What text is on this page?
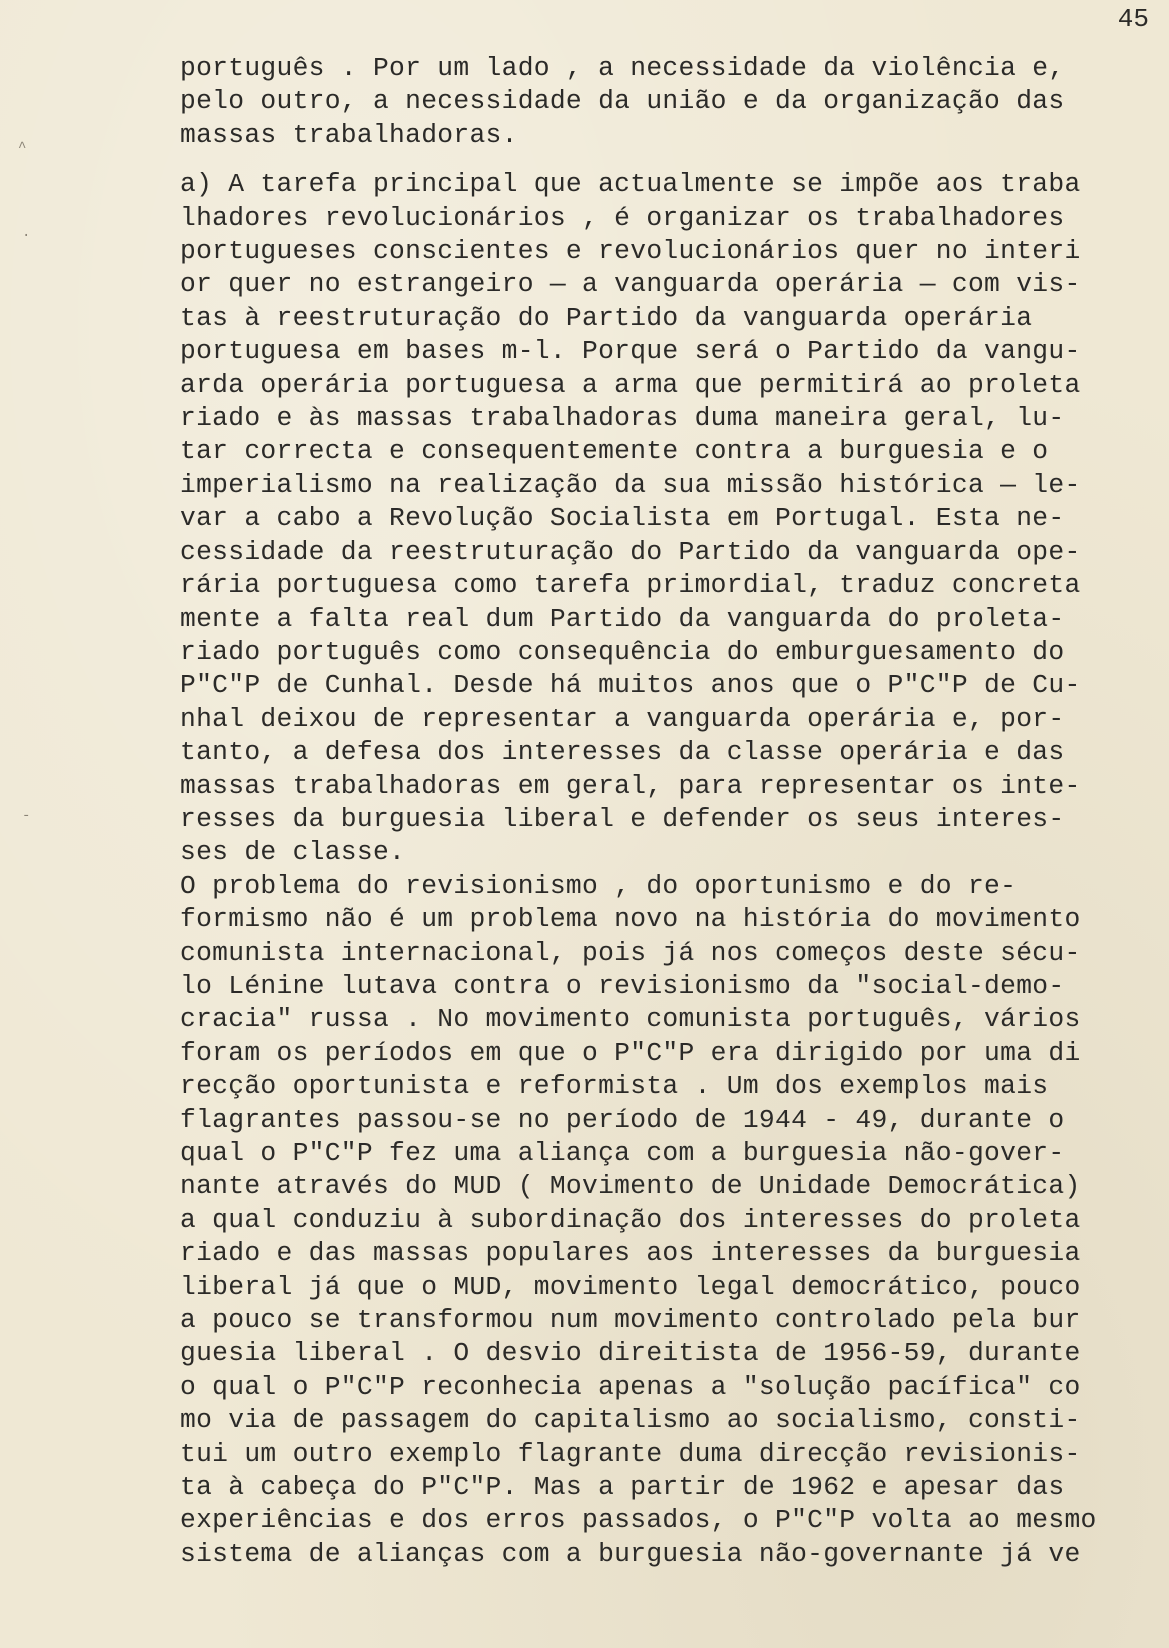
45
^
·
-
português . Por um lado , a necessidade da violência e,
pelo outro, a necessidade da união e da organização das
massas trabalhadoras.
a) A tarefa principal que actualmente se impõe aos traba
lhadores revolucionários , é organizar os trabalhadores
portugueses conscientes e revolucionários quer no interi
or quer no estrangeiro — a vanguarda operária — com vis-
tas à reestruturação do Partido da vanguarda operária
portuguesa em bases m-l. Porque será o Partido da vangu-
arda operária portuguesa a arma que permitirá ao proleta
riado e às massas trabalhadoras duma maneira geral, lu-
tar correcta e consequentemente contra a burguesia e o
imperialismo na realização da sua missão histórica — le-
var a cabo a Revolução Socialista em Portugal. Esta ne-
cessidade da reestruturação do Partido da vanguarda ope-
rária portuguesa como tarefa primordial, traduz concreta
mente a falta real dum Partido da vanguarda do proleta-
riado português como consequência do emburguesamento do
P"C"P de Cunhal. Desde há muitos anos que o P"C"P de Cu-
nhal deixou de representar a vanguarda operária e, por-
tanto, a defesa dos interesses da classe operária e das
massas trabalhadoras em geral, para representar os inte-
resses da burguesia liberal e defender os seus interes-
ses de classe.
O problema do revisionismo , do oportunismo e do re-
formismo não é um problema novo na história do movimento
comunista internacional, pois já nos começos deste sécu-
lo Lénine lutava contra o revisionismo da "social-demo-
cracia" russa . No movimento comunista português, vários
foram os períodos em que o P"C"P era dirigido por uma di
recção oportunista e reformista . Um dos exemplos mais
flagrantes passou-se no período de 1944 - 49, durante o
qual o P"C"P fez uma aliança com a burguesia não-gover-
nante através do MUD ( Movimento de Unidade Democrática)
a qual conduziu à subordinação dos interesses do proleta
riado e das massas populares aos interesses da burguesia
liberal já que o MUD, movimento legal democrático, pouco
a pouco se transformou num movimento controlado pela bur
guesia liberal . O desvio direitista de 1956-59, durante
o qual o P"C"P reconhecia apenas a "solução pacífica" co
mo via de passagem do capitalismo ao socialismo, consti-
tui um outro exemplo flagrante duma direcção revisionis-
ta à cabeça do P"C"P. Mas a partir de 1962 e apesar das
experiências e dos erros passados, o P"C"P volta ao mesmo
sistema de alianças com a burguesia não-governante já ve
